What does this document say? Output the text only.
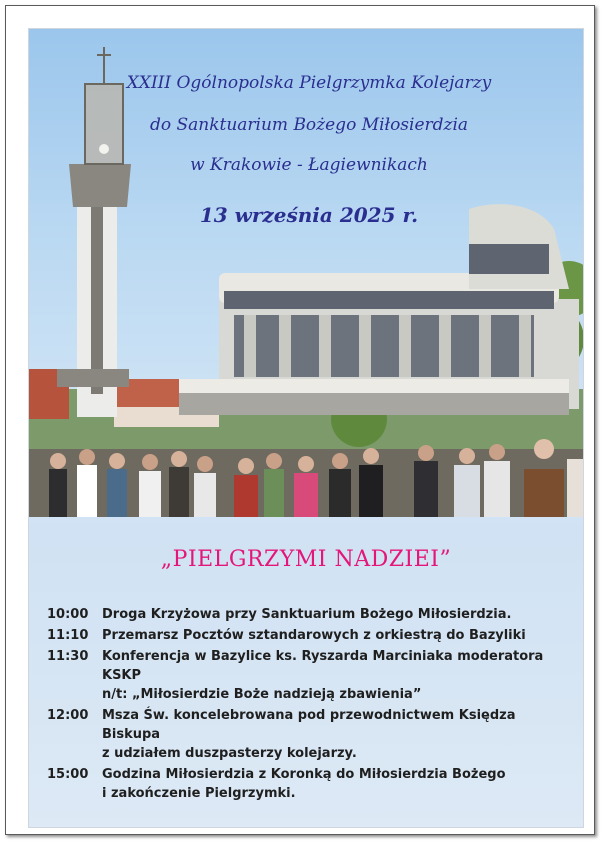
XXIII Ogólnopolska Pielgrzymka Kolejarzy
do Sanktuarium Bożego Miłosierdzia
w Krakowie - Łagiewnikach
13 września 2025 r.
„PIELGRZYMI NADZIEI”
10:00	Droga Krzyżowa przy Sanktuarium Bożego Miłosierdzia.
11:10	Przemarsz Pocztów sztandarowych z orkiestrą do Bazyliki
11:30	Konferencja w Bazylice ks. Ryszarda Marciniaka moderatora KSKP
n/t: „Miłosierdzie Boże nadzieją zbawienia”
12:00	Msza Św. koncelebrowana pod przewodnictwem Księdza Biskupa
z udziałem duszpasterzy kolejarzy.
15:00	Godzina Miłosierdzia z Koronką do Miłosierdzia Bożego
i zakończenie Pielgrzymki.
